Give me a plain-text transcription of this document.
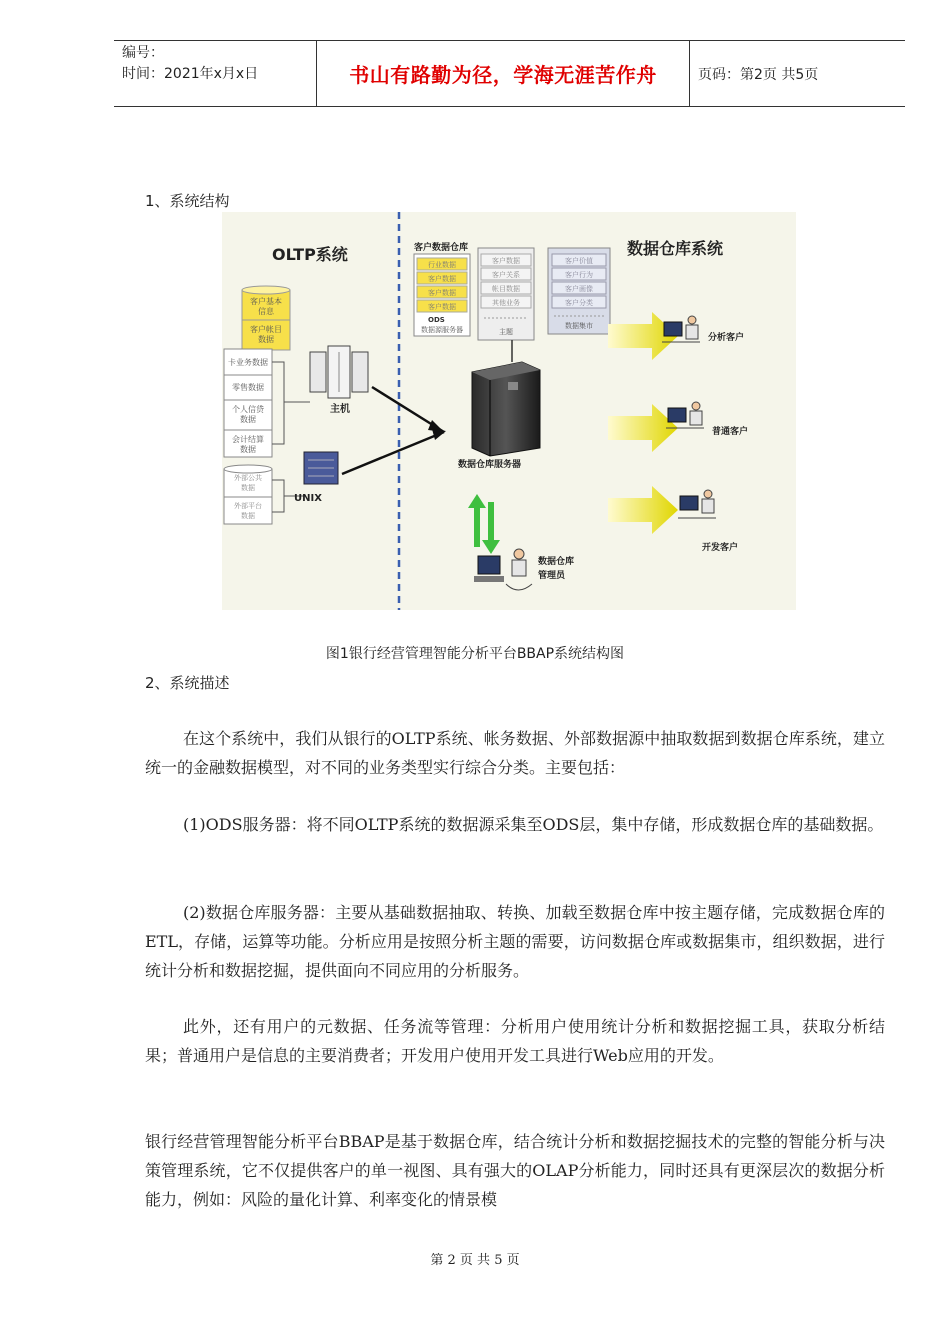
编号：
时间：2021年x月x日	书山有路勤为径，学海无涯苦作舟	页码：第2页 共5页
1、系统结构
OLTP系统	数据仓库系统
客户数据仓库
客户基本
信息
客户帐目
数据
卡业务数据
零售数据
个人信贷
数据
会计结算
数据
外部公共
数据
外部平台
数据
主机
UNIX
行业数据
客户数据
客户数据
客户数据
ODS
数据源服务器
客户数据
客户关系
帐目数据
其他业务
主题
客户价值
客户行为
客户画像
客户分类
数据集市
数据仓库服务器
数据仓库
管理员
分析客户
普通客户
开发客户
图1银行经营管理智能分析平台BBAP系统结构图
2、系统描述

在这个系统中，我们从银行的OLTP系统、帐务数据、外部数据源中抽取数据到数据仓库系统，建立统一的金融数据模型，对不同的业务类型实行综合分类。主要包括：

(1)ODS服务器：将不同OLTP系统的数据源采集至ODS层，集中存储，形成数据仓库的基础数据。

(2)数据仓库服务器：主要从基础数据抽取、转换、加载至数据仓库中按主题存储，完成数据仓库的ETL，存储，运算等功能。分析应用是按照分析主题的需要，访问数据仓库或数据集市，组织数据，进行统计分析和数据挖掘，提供面向不同应用的分析服务。

此外，还有用户的元数据、任务流等管理：分析用户使用统计分析和数据挖掘工具，获取分析结果；普通用户是信息的主要消费者；开发用户使用开发工具进行Web应用的开发。

银行经营管理智能分析平台BBAP是基于数据仓库，结合统计分析和数据挖掘技术的完整的智能分析与决策管理系统，它不仅提供客户的单一视图、具有强大的OLAP分析能力，同时还具有更深层次的数据分析能力，例如：风险的量化计算、利率变化的情景模

第 2 页 共 5 页
